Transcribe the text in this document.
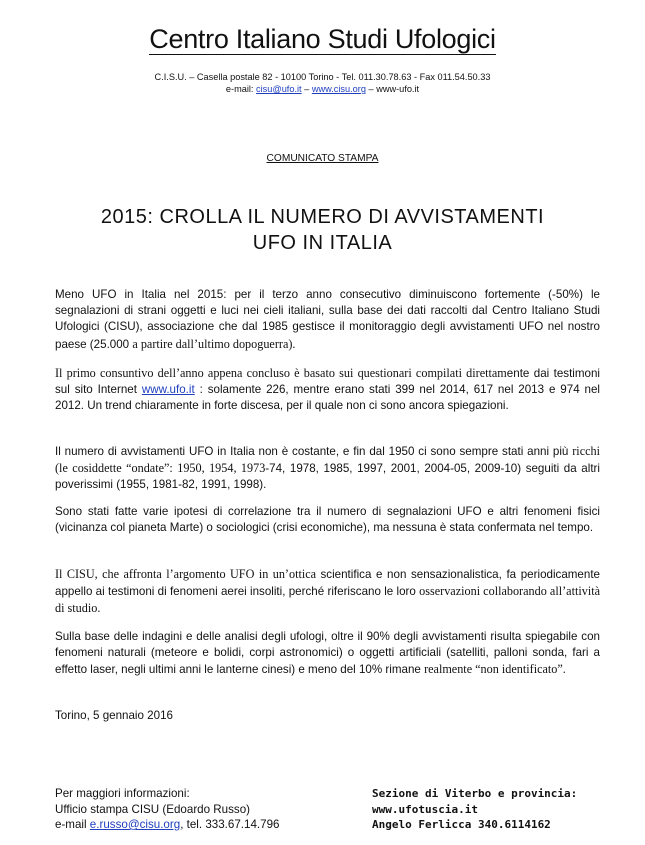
Centro Italiano Studi Ufologici
C.I.S.U. – Casella postale 82 - 10100 Torino - Tel. 011.30.78.63 - Fax 011.54.50.33
e-mail: cisu@ufo.it – www.cisu.org – www-ufo.it
COMUNICATO STAMPA
2015: CROLLA IL NUMERO DI AVVISTAMENTI
UFO IN ITALIA
Meno UFO in Italia nel 2015: per il terzo anno consecutivo diminuiscono fortemente (-50%) le segnalazioni di strani oggetti e luci nei cieli italiani, sulla base dei dati raccolti dal Centro Italiano Studi Ufologici (CISU), associazione che dal 1985 gestisce il monitoraggio degli avvistamenti UFO nel nostro paese (25.000 a partire dall’ultimo dopoguerra).
Il primo consuntivo dell’anno appena concluso è basato sui questionari compilati direttamente dai testimoni sul sito Internet www.ufo.it : solamente 226, mentre erano stati 399 nel 2014, 617 nel 2013 e 974 nel 2012. Un trend chiaramente in forte discesa, per il quale non ci sono ancora spiegazioni.
Il numero di avvistamenti UFO in Italia non è costante, e fin dal 1950 ci sono sempre stati anni più ricchi (le cosiddette “ondate”: 1950, 1954, 1973-74, 1978, 1985, 1997, 2001, 2004-05, 2009-10) seguiti da altri poverissimi (1955, 1981-82, 1991, 1998).
Sono stati fatte varie ipotesi di correlazione tra il numero di segnalazioni UFO e altri fenomeni fisici (vicinanza col pianeta Marte) o sociologici (crisi economiche), ma nessuna è stata confermata nel tempo.
Il CISU, che affronta l’argomento UFO in un’ottica scientifica e non sensazionalistica, fa periodicamente appello ai testimoni di fenomeni aerei insoliti, perché riferiscano le loro osservazioni collaborando all’attività di studio.
Sulla base delle indagini e delle analisi degli ufologi, oltre il 90% degli avvistamenti risulta spiegabile con fenomeni naturali (meteore e bolidi, corpi astronomici) o oggetti artificiali (satelliti, palloni sonda, fari a effetto laser, negli ultimi anni le lanterne cinesi) e meno del 10% rimane realmente “non identificato”.
Torino, 5 gennaio 2016
Per maggiori informazioni:
Ufficio stampa CISU (Edoardo Russo)
e-mail e.russo@cisu.org, tel. 333.67.14.796
Sezione di Viterbo e provincia:
www.ufotuscia.it
Angelo Ferlicca 340.6114162
